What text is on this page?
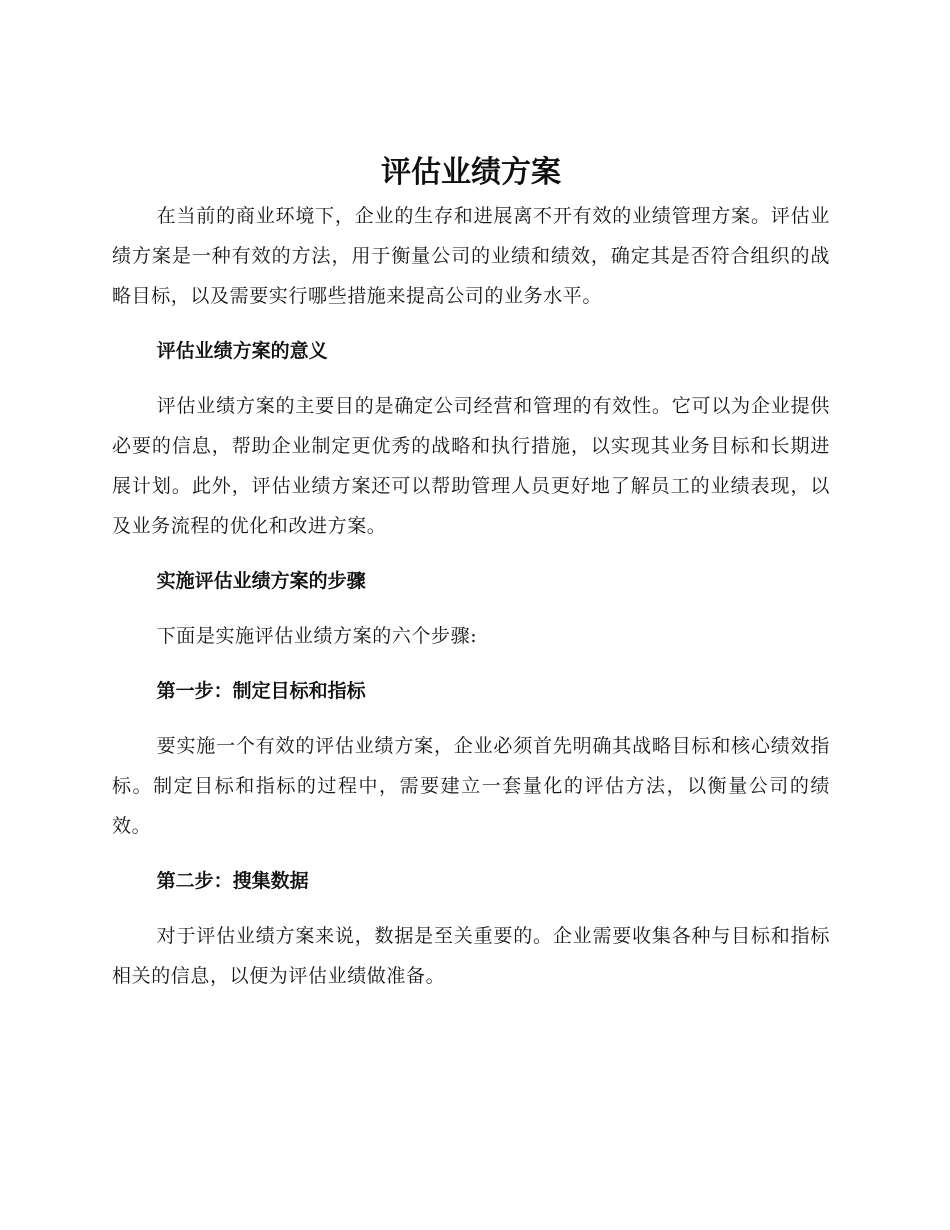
评估业绩方案

在当前的商业环境下，企业的生存和进展离不开有效的业绩管理方案。评估业绩方案是一种有效的方法，用于衡量公司的业绩和绩效，确定其是否符合组织的战略目标，以及需要实行哪些措施来提高公司的业务水平。

评估业绩方案的意义

评估业绩方案的主要目的是确定公司经营和管理的有效性。它可以为企业提供必要的信息，帮助企业制定更优秀的战略和执行措施，以实现其业务目标和长期进展计划。此外，评估业绩方案还可以帮助管理人员更好地了解员工的业绩表现，以及业务流程的优化和改进方案。

实施评估业绩方案的步骤

下面是实施评估业绩方案的六个步骤:

第一步：制定目标和指标

要实施一个有效的评估业绩方案，企业必须首先明确其战略目标和核心绩效指标。制定目标和指标的过程中，需要建立一套量化的评估方法，以衡量公司的绩效。

第二步：搜集数据

对于评估业绩方案来说，数据是至关重要的。企业需要收集各种与目标和指标相关的信息，以便为评估业绩做准备。
